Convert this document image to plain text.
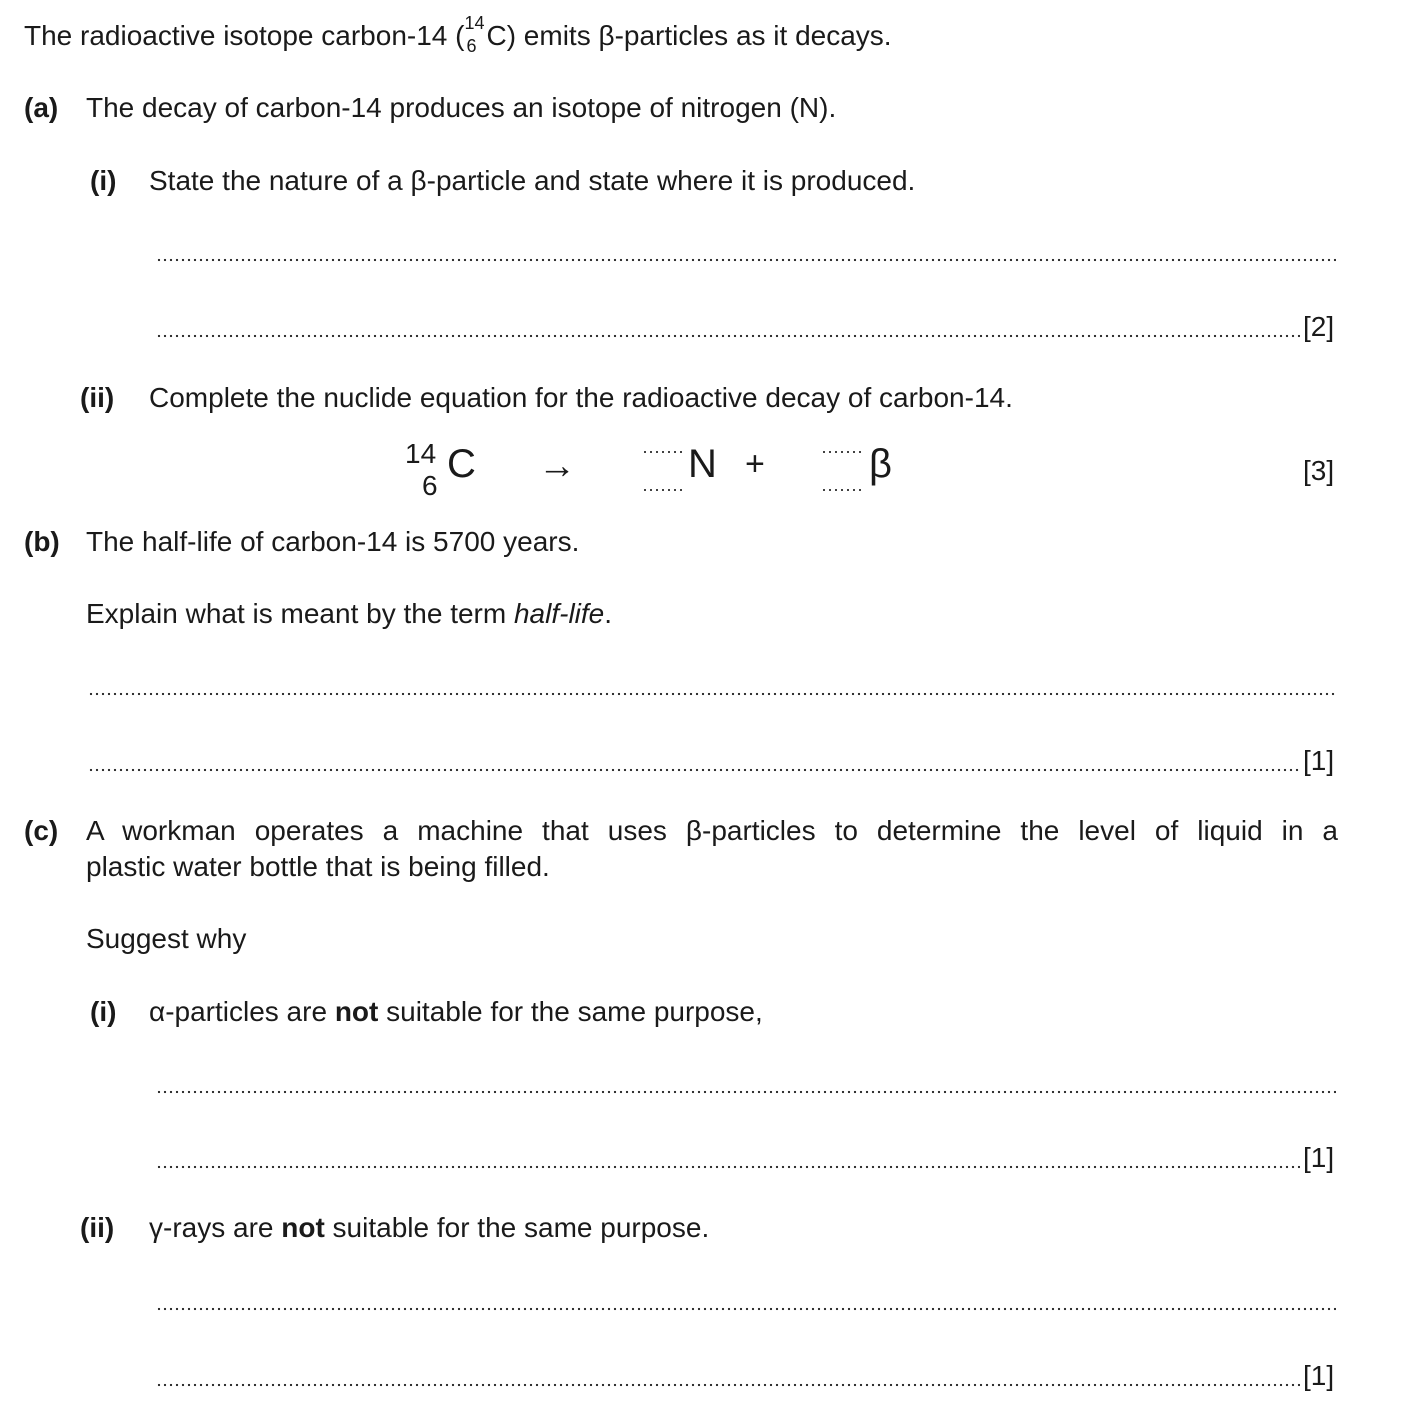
The radioactive isotope carbon-14 ( 14
6 C) emits β-particles as it decays.
(a) The decay of carbon-14 produces an isotope of nitrogen (N).
(i) State the nature of a β-particle and state where it is produced.
[2]
(ii) Complete the nuclide equation for the radioactive decay of carbon-14.
14
6 C →	N +	β	[3]
(b) The half-life of carbon-14 is 5700 years.
Explain what is meant by the term half-life.
[1]
(c) A workman operates a machine that uses β-particles to determine the level of liquid in a
plastic water bottle that is being filled.
Suggest why
(i) α-particles are not suitable for the same purpose,
[1]
(ii) γ-rays are not suitable for the same purpose.
[1]
